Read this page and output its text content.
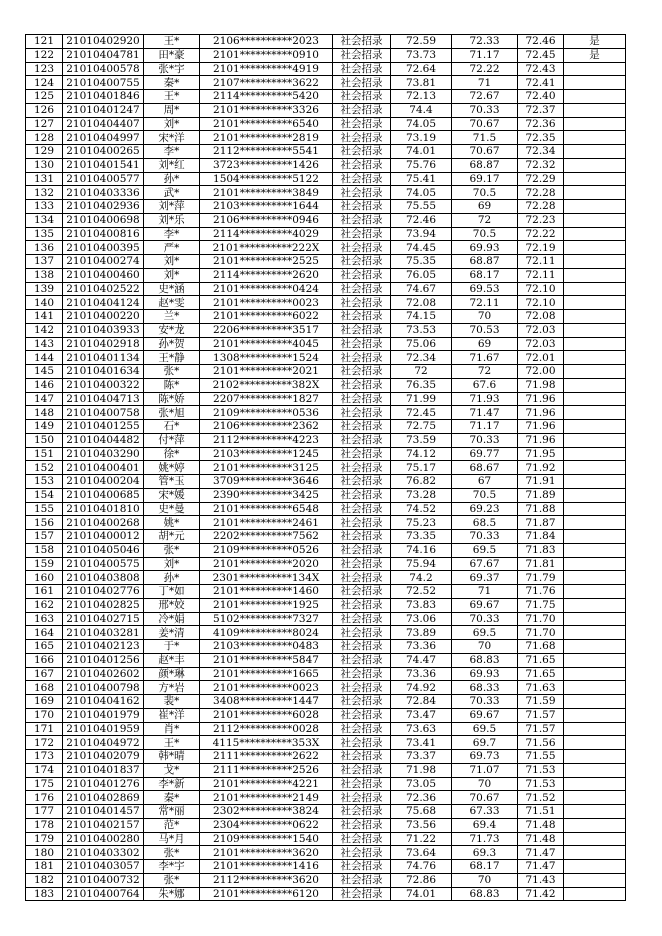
121	21010402920	王*	2106**********2023	社会招录	72.59	72.33	72.46	是
122	21010404781	田*豪	2101**********0910	社会招录	73.73	71.17	72.45	是
123	21010400578	张*宇	2101**********4919	社会招录	72.64	72.22	72.43	
124	21010400755	秦*	2107**********3622	社会招录	73.81	71	72.41	
125	21010401846	王*	2114**********5420	社会招录	72.13	72.67	72.40	
126	21010401247	周*	2101**********3326	社会招录	74.4	70.33	72.37	
127	21010404407	刘*	2101**********6540	社会招录	74.05	70.67	72.36	
128	21010404997	宋*洋	2101**********2819	社会招录	73.19	71.5	72.35	
129	21010400265	李*	2112**********5541	社会招录	74.01	70.67	72.34	
130	21010401541	刘*红	3723**********1426	社会招录	75.76	68.87	72.32	
131	21010400577	孙*	1504**********5122	社会招录	75.41	69.17	72.29	
132	21010403336	武*	2101**********3849	社会招录	74.05	70.5	72.28	
133	21010402936	刘*萍	2103**********1644	社会招录	75.55	69	72.28	
134	21010400698	刘*乐	2106**********0946	社会招录	72.46	72	72.23	
135	21010400816	李*	2114**********4029	社会招录	73.94	70.5	72.22	
136	21010400395	严*	2101**********222X	社会招录	74.45	69.93	72.19	
137	21010400274	刘*	2101**********2525	社会招录	75.35	68.87	72.11	
138	21010400460	刘*	2114**********2620	社会招录	76.05	68.17	72.11	
139	21010402522	史*涵	2101**********0424	社会招录	74.67	69.53	72.10	
140	21010404124	赵*雯	2101**********0023	社会招录	72.08	72.11	72.10	
141	21010400220	兰*	2101**********6022	社会招录	74.15	70	72.08	
142	21010403933	安*龙	2206**********3517	社会招录	73.53	70.53	72.03	
143	21010402918	孙*贺	2101**********4045	社会招录	75.06	69	72.03	
144	21010401134	王*静	1308**********1524	社会招录	72.34	71.67	72.01	
145	21010401634	张*	2101**********2021	社会招录	72	72	72.00	
146	21010400322	陈*	2102**********382X	社会招录	76.35	67.6	71.98	
147	21010404713	陈*娇	2207**********1827	社会招录	71.99	71.93	71.96	
148	21010400758	张*旭	2109**********0536	社会招录	72.45	71.47	71.96	
149	21010401255	石*	2106**********2362	社会招录	72.75	71.17	71.96	
150	21010404482	付*萍	2112**********4223	社会招录	73.59	70.33	71.96	
151	21010403290	徐*	2103**********1245	社会招录	74.12	69.77	71.95	
152	21010400401	姚*婷	2101**********3125	社会招录	75.17	68.67	71.92	
153	21010400204	管*玉	3709**********3646	社会招录	76.82	67	71.91	
154	21010400685	宋*媛	2390**********3425	社会招录	73.28	70.5	71.89	
155	21010401810	史*曼	2101**********6548	社会招录	74.52	69.23	71.88	
156	21010400268	姚*	2101**********2461	社会招录	75.23	68.5	71.87	
157	21010400012	胡*元	2202**********7562	社会招录	73.35	70.33	71.84	
158	21010405046	张*	2109**********0526	社会招录	74.16	69.5	71.83	
159	21010400575	刘*	2101**********2020	社会招录	75.94	67.67	71.81	
160	21010403808	孙*	2301**********134X	社会招录	74.2	69.37	71.79	
161	21010402776	丁*如	2101**********1460	社会招录	72.52	71	71.76	
162	21010402825	邢*姣	2101**********1925	社会招录	73.83	69.67	71.75	
163	21010402715	冷*娟	5102**********7327	社会招录	73.06	70.33	71.70	
164	21010403281	姜*清	4109**********8024	社会招录	73.89	69.5	71.70	
165	21010402123	于*	2103**********0483	社会招录	73.36	70	71.68	
166	21010401256	赵*丰	2101**********5847	社会招录	74.47	68.83	71.65	
167	21010402602	颜*琳	2101**********1665	社会招录	73.36	69.93	71.65	
168	21010400798	方*岩	2101**********0023	社会招录	74.92	68.33	71.63	
169	21010404162	裴*	3408**********1447	社会招录	72.84	70.33	71.59	
170	21010401979	崔*洋	2101**********6028	社会招录	73.47	69.67	71.57	
171	21010401959	肖*	2112**********0028	社会招录	73.63	69.5	71.57	
172	21010404972	王*	4115**********353X	社会招录	73.41	69.7	71.56	
173	21010402079	韩*晴	2111**********2622	社会招录	73.37	69.73	71.55	
174	21010401837	戈*	2111**********2526	社会招录	71.98	71.07	71.53	
175	21010401276	李*新	2101**********4221	社会招录	73.05	70	71.53	
176	21010402869	秦*	2101**********2149	社会招录	72.36	70.67	71.52	
177	21010401457	常*丽	2302**********3824	社会招录	75.68	67.33	71.51	
178	21010402157	范*	2304**********0622	社会招录	73.56	69.4	71.48	
179	21010400280	马*月	2109**********1540	社会招录	71.22	71.73	71.48	
180	21010403302	张*	2101**********3620	社会招录	73.64	69.3	71.47	
181	21010403057	李*宇	2101**********1416	社会招录	74.76	68.17	71.47	
182	21010400732	张*	2112**********3620	社会招录	72.86	70	71.43	
183	21010400764	朱*娜	2101**********6120	社会招录	74.01	68.83	71.42	
